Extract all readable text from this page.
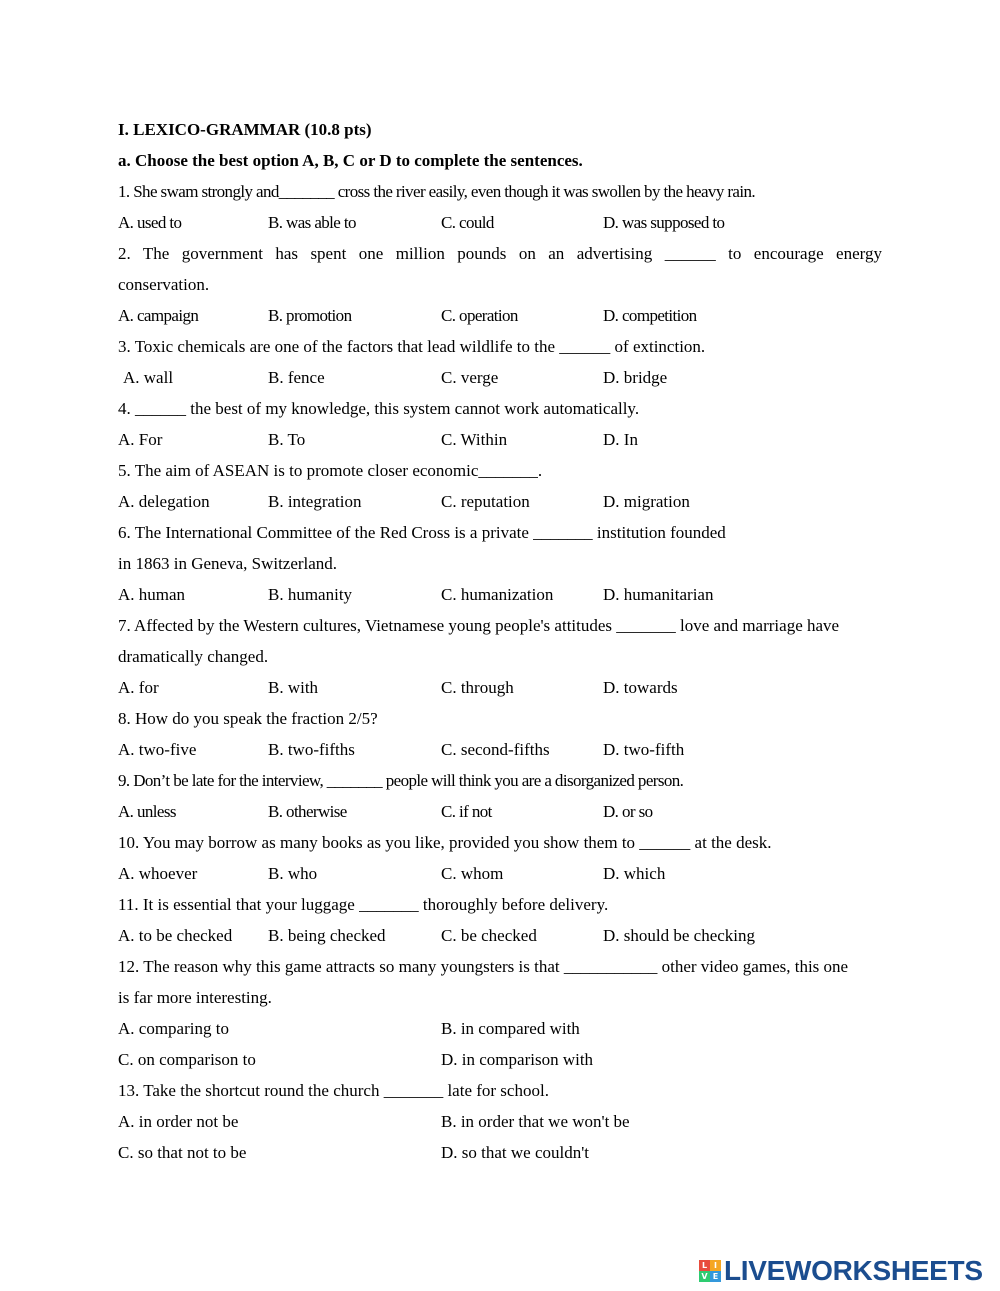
I. LEXICO-GRAMMAR (10.8 pts)
a. Choose the best option A, B, C or D to complete the sentences.
1. She swam strongly and_______ cross the river easily, even though it was swollen by the heavy rain.
A. used to	B. was able to	C. could	D. was supposed to
2. The government has spent one million pounds on an advertising ______ to encourage energy
conservation.
A. campaign	B. promotion	C. operation	D. competition
3. Toxic chemicals are one of the factors that lead wildlife to the ______ of extinction.
A. wall	B. fence	C. verge	D. bridge
4. ______ the best of my knowledge, this system cannot work automatically.
A. For	B. To	C. Within	D. In
5. The aim of ASEAN is to promote closer economic_______.
A. delegation	B. integration	C. reputation	D. migration
6. The International Committee of the Red Cross is a private _______ institution founded
in 1863 in Geneva, Switzerland.
A. human	B. humanity	C. humanization	D. humanitarian
7. Affected by the Western cultures, Vietnamese young people's attitudes _______ love and marriage have
dramatically changed.
A. for	B. with	C. through	D. towards
8. How do you speak the fraction 2/5?
A. two-five	B. two-fifths	C. second-fifths	D. two-fifth
9. Don’t be late for the interview, _______ people will think you are a disorganized person.
A. unless	B. otherwise	C. if not	D. or so
10. You may borrow as many books as you like, provided you show them to ______ at the desk.
A. whoever	B. who	C. whom	D. which
11. It is essential that your luggage _______ thoroughly before delivery.
A. to be checked B. being checked	C. be checked	D. should be checking
12. The reason why this game attracts so many youngsters is that ___________ other video games, this one
is far more interesting.
A. comparing to	B. in compared with
C. on comparison to	D. in comparison with
13. Take the shortcut round the church _______ late for school.
A. in order not be	B. in order that we won't be
C. so that not to be	D. so that we couldn't
L I
V E LIVEWORKSHEETS
